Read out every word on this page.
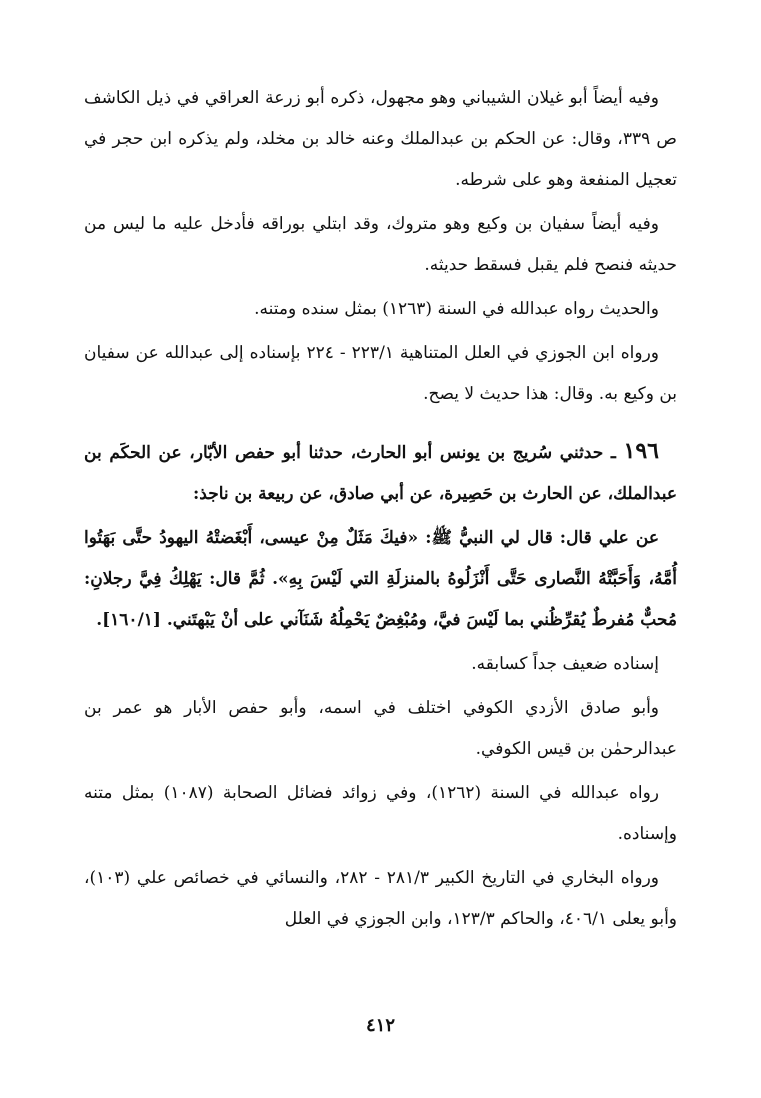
وفيه أيضاً أبو غيلان الشيباني وهو مجهول، ذكره أبو زرعة العراقي في ذيل الكاشف ص ٣٣٩، وقال: عن الحكم بن عبدالملك وعنه خالد بن مخلد، ولم يذكره ابن حجر في تعجيل المنفعة وهو على شرطه.

وفيه أيضاً سفيان بن وكيع وهو متروك، وقد ابتلي بوراقه فأدخل عليه ما ليس من حديثه فنصح فلم يقبل فسقط حديثه.

والحديث رواه عبدالله في السنة (١٢٦٣) بمثل سنده ومتنه.

ورواه ابن الجوزي في العلل المتناهية ٢٢٣/١ - ٢٢٤ بإسناده إلى عبدالله عن سفيان بن وكيع به. وقال: هذا حديث لا يصح.

١٩٦ ـ حدثني سُريج بن يونس أبو الحارث، حدثنا أبو حفص الأبّار، عن الحكَم بن عبدالملك، عن الحارث بن حَصِيرة، عن أبي صادق، عن ربيعة بن ناجذ:

عن علي قال: قال لي النبيُّ ﷺ: «فيكَ مَثَلٌ مِنْ عيسى، أَبْغَضتْهُ اليهودُ حتَّى بَهَتُوا أُمَّهُ، وَأَحَبَّتْهُ النَّصارى حَتَّى أَنْزَلُوهُ بالمنزلَةِ التي لَيْسَ بِهِ». ثُمَّ قال: يَهْلِكُ فِيَّ رجلانِ: مُحبٌّ مُفرطٌ يُقرِّظُني بما لَيْسَ فيَّ، ومُبْغِضٌ يَحْمِلُهُ شَنَآني على أنْ يَبْهتَني. [١٦٠/١].

إسناده ضعيف جداً كسابقه.

وأبو صادق الأزدي الكوفي اختلف في اسمه، وأبو حفص الأبار هو عمر بن عبدالرحمٰن بن قيس الكوفي.

رواه عبدالله في السنة (١٢٦٢)، وفي زوائد فضائل الصحابة (١٠٨٧) بمثل متنه وإسناده.

ورواه البخاري في التاريخ الكبير ٢٨١/٣ - ٢٨٢، والنسائي في خصائص علي (١٠٣)، وأبو يعلى ٤٠٦/١، والحاكم ١٢٣/٣، وابن الجوزي في العلل

٤١٢
